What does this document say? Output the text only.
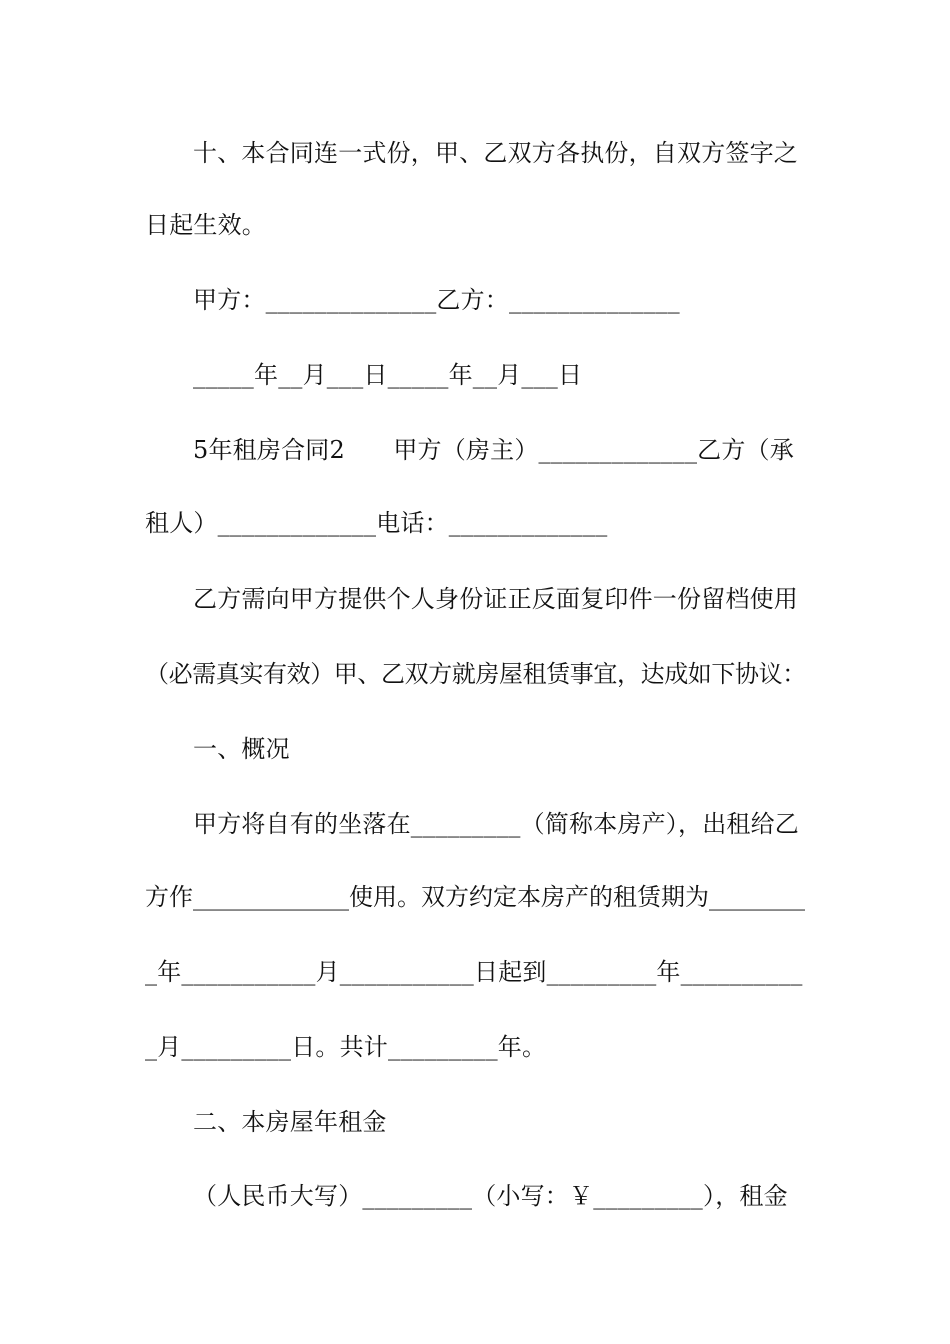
十、本合同连一式份，甲、乙双方各执份，自双方签字之
日起生效。
甲方：______________乙方：______________
_____年__月___日_____年__月___日
5年租房合同2　　甲方（房主）_____________乙方（承
租人）_____________电话：_____________
乙方需向甲方提供个人身份证正反面复印件一份留档使用
（必需真实有效）甲、乙双方就房屋租赁事宜，达成如下协议：
一、概况
甲方将自有的坐落在_________（简称本房产），出租给乙
方作_____________使用。双方约定本房产的租赁期为________
_年___________月___________日起到_________年__________
_月_________日。共计_________年。
二、本房屋年租金
（人民币大写）_________（小写：￥_________），租金
